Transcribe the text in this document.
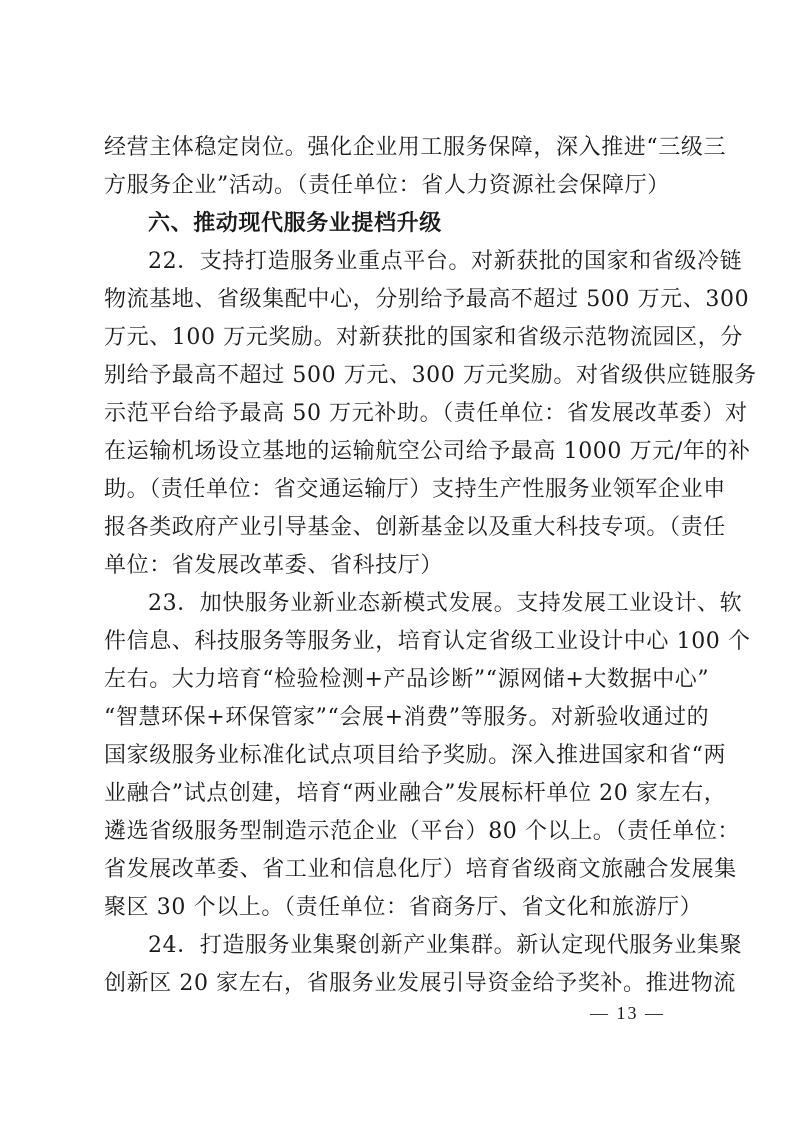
经营主体稳定岗位。强化企业用工服务保障，深入推进“三级三
方服务企业”活动。（责任单位：省人力资源社会保障厅）
六、推动现代服务业提档升级
22．支持打造服务业重点平台。对新获批的国家和省级冷链
物流基地、省级集配中心，分别给予最高不超过 500 万元、300
万元、100 万元奖励。对新获批的国家和省级示范物流园区，分
别给予最高不超过 500 万元、300 万元奖励。对省级供应链服务
示范平台给予最高 50 万元补助。（责任单位：省发展改革委）对
在运输机场设立基地的运输航空公司给予最高 1000 万元/年的补
助。（责任单位：省交通运输厅）支持生产性服务业领军企业申
报各类政府产业引导基金、创新基金以及重大科技专项。（责任
单位：省发展改革委、省科技厅）
23．加快服务业新业态新模式发展。支持发展工业设计、软
件信息、科技服务等服务业，培育认定省级工业设计中心 100 个
左右。大力培育“检验检测+产品诊断”“源网储+大数据中心”
“智慧环保+环保管家”“会展+消费”等服务。对新验收通过的
国家级服务业标准化试点项目给予奖励。深入推进国家和省“两
业融合”试点创建，培育“两业融合”发展标杆单位 20 家左右，
遴选省级服务型制造示范企业（平台）80 个以上。（责任单位：
省发展改革委、省工业和信息化厅）培育省级商文旅融合发展集
聚区 30 个以上。（责任单位：省商务厅、省文化和旅游厅）
24．打造服务业集聚创新产业集群。新认定现代服务业集聚
创新区 20 家左右，省服务业发展引导资金给予奖补。推进物流
— 13 —
